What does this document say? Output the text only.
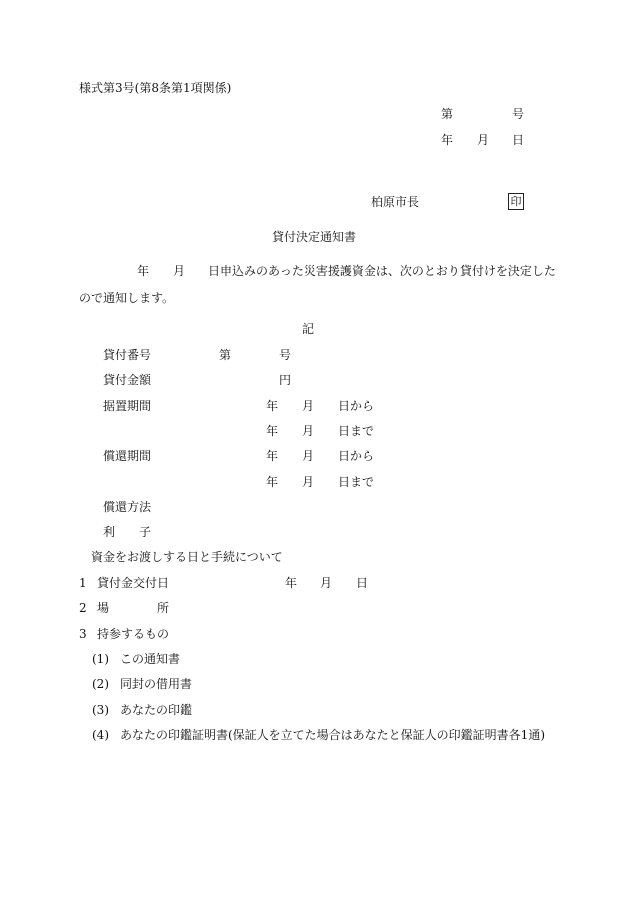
様式第3号(第8条第1項関係)
第	号
年 月 日
柏原市長	印
貸付決定通知書
年 月 日申込みのあった災害援護資金は、次のとおり貸付けを決定した
ので通知します。
記
貸付番号	第	号
貸付金額	円
据置期間	年 月 日から
年 月 日まで
償還期間	年 月 日から
年 月 日まで
償還方法
利　　子
資金をお渡しする日と手続について
1 貸付金交付日	年 月 日
2 場　　　　所
3 持参するもの
(1) この通知書
(2) 同封の借用書
(3) あなたの印鑑
(4) あなたの印鑑証明書(保証人を立てた場合はあなたと保証人の印鑑証明書各1通)
